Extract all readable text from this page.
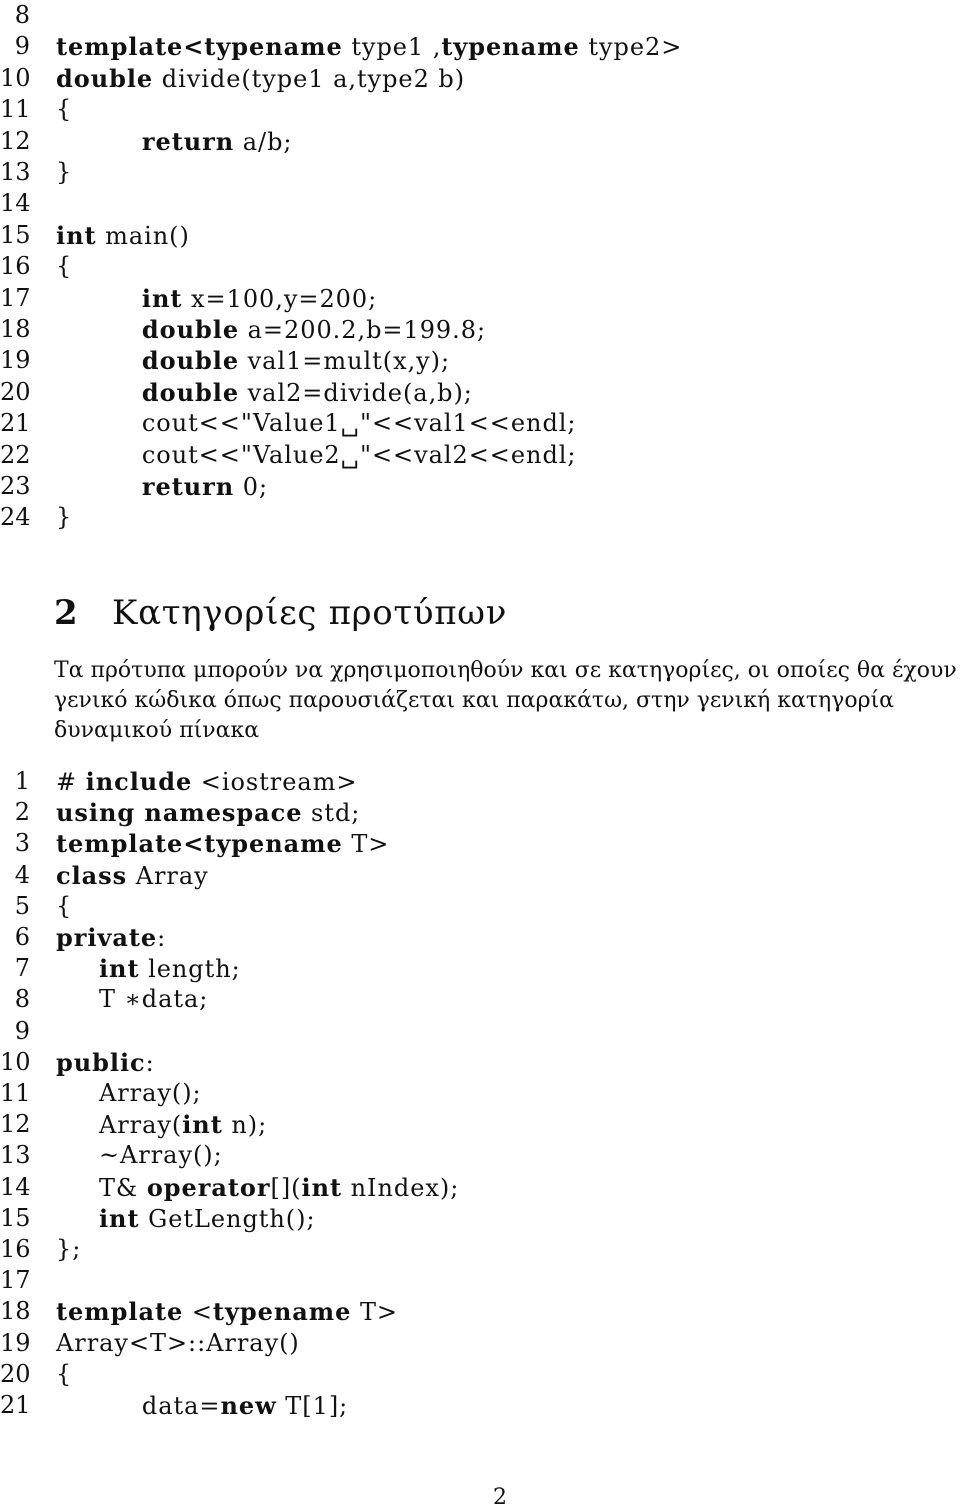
8
9 template<typename type1 ,typename type2>
10 double divide(type1 a,type2 b)
11 {
12	return a/b;
13 }
14
15 int main()
16 {
17	int x=100,y=200;
18	double a=200.2,b=199.8;
19	double val1=mult(x,y);
20	double val2=divide(a,b);
21 cout<<"Value1␣"<<val1<<endl;
22 cout<<"Value2␣"<<val2<<endl;
23	return 0;
24 }
2 Κατηγορίες προτύπων
Τα πρότυπα μπορούν να χρησιμοποιηθούν και σε κατηγορίες, οι οποίες θα έχουν γενικό κώδικα όπως παρουσιάζεται και παρακάτω, στην γενική κατηγορία δυναμικού πίνακα
1 # include <iostream>
2 using namespace std;
3 template<typename T>
4 class Array
5 {
6 private:
7	int length;
8 T ∗data;
9
10 public:
11 Array();
12 Array(int n);
13 ~Array();
14 T& operator[](int nIndex);
15	int GetLength();
16 };
17
18 template <typename T>
19 Array<T>::Array()
20 {
21 data=new T[1];
2
